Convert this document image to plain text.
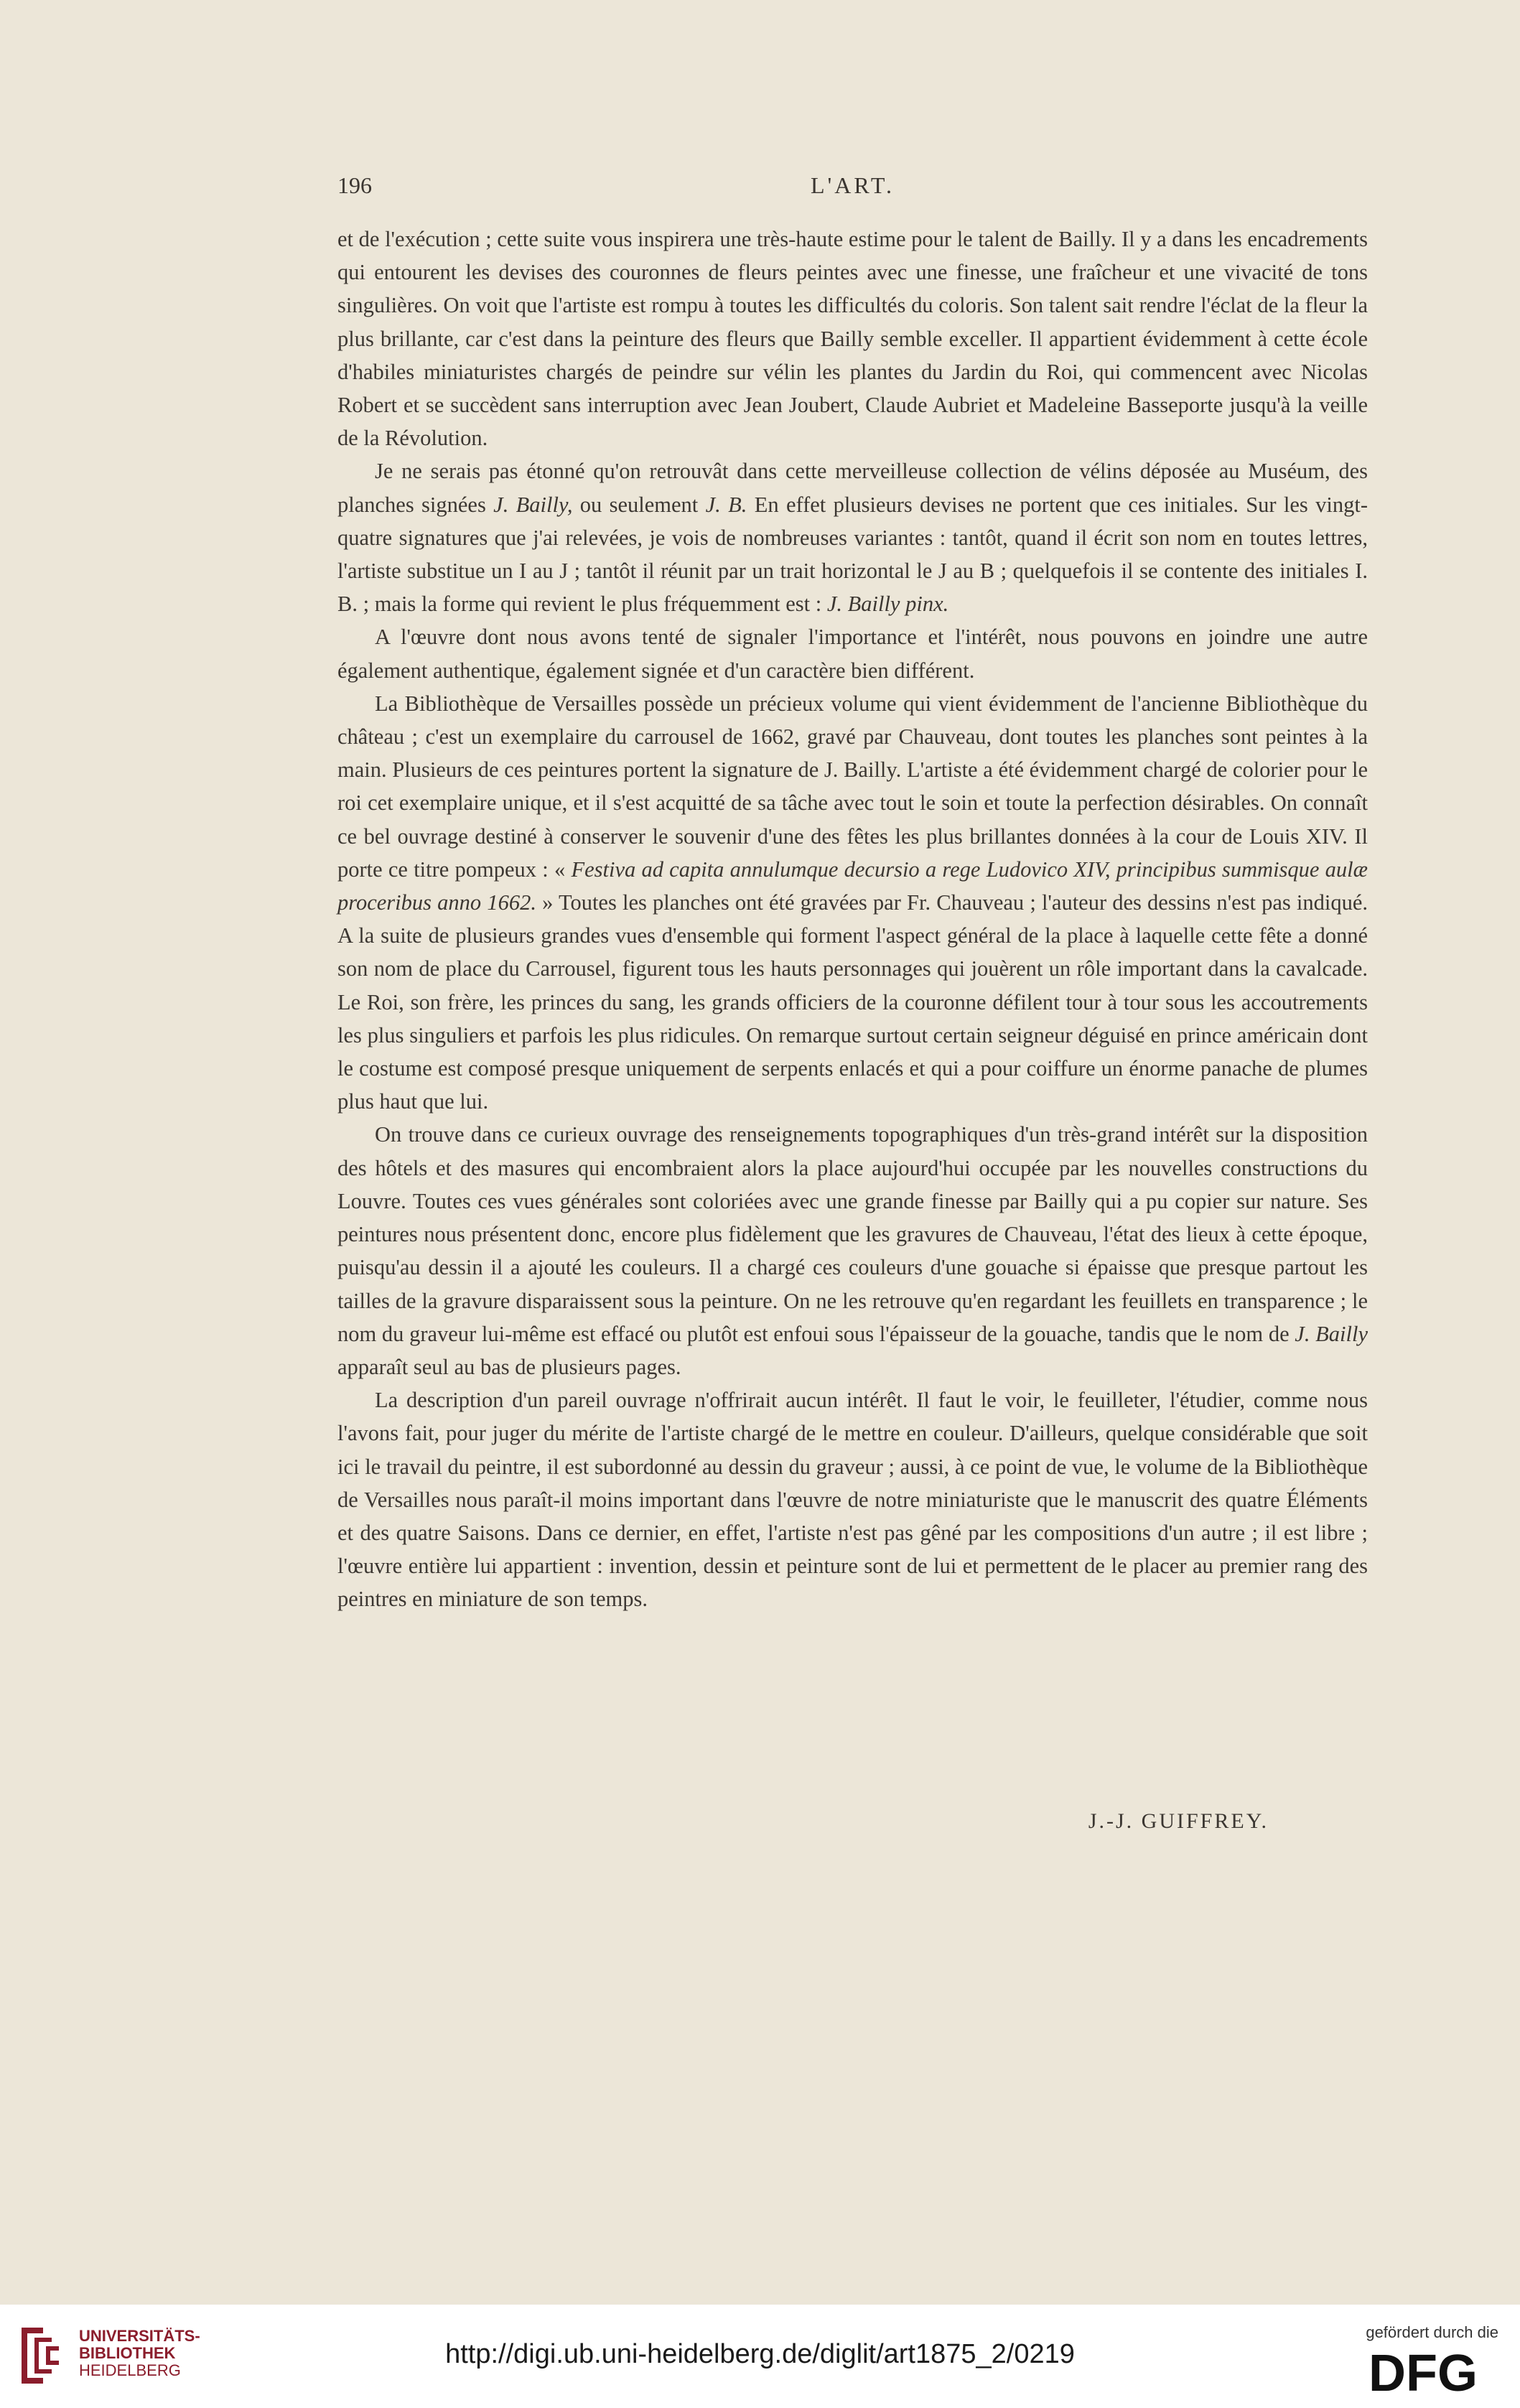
196	L'ART.

et de l'exécution ; cette suite vous inspirera une très-haute estime pour le talent de Bailly. Il y a dans les encadrements qui entourent les devises des couronnes de fleurs peintes avec une finesse, une fraîcheur et une vivacité de tons singulières. On voit que l'artiste est rompu à toutes les difficultés du coloris. Son talent sait rendre l'éclat de la fleur la plus brillante, car c'est dans la peinture des fleurs que Bailly semble exceller. Il appartient évidemment à cette école d'habiles miniaturistes chargés de peindre sur vélin les plantes du Jardin du Roi, qui commencent avec Nicolas Robert et se succèdent sans interruption avec Jean Joubert, Claude Aubriet et Madeleine Basseporte jusqu'à la veille de la Révolution.

Je ne serais pas étonné qu'on retrouvât dans cette merveilleuse collection de vélins déposée au Muséum, des planches signées J. Bailly, ou seulement J. B. En effet plusieurs devises ne portent que ces initiales. Sur les vingt-quatre signatures que j'ai relevées, je vois de nombreuses variantes : tantôt, quand il écrit son nom en toutes lettres, l'artiste substitue un I au J ; tantôt il réunit par un trait horizontal le J au B ; quelquefois il se contente des initiales I. B. ; mais la forme qui revient le plus fréquemment est : J. Bailly pinx.

A l'œuvre dont nous avons tenté de signaler l'importance et l'intérêt, nous pouvons en joindre une autre également authentique, également signée et d'un caractère bien différent.

La Bibliothèque de Versailles possède un précieux volume qui vient évidemment de l'ancienne Bibliothèque du château ; c'est un exemplaire du carrousel de 1662, gravé par Chauveau, dont toutes les planches sont peintes à la main. Plusieurs de ces peintures portent la signature de J. Bailly. L'artiste a été évidemment chargé de colorier pour le roi cet exemplaire unique, et il s'est acquitté de sa tâche avec tout le soin et toute la perfection désirables. On connaît ce bel ouvrage destiné à conserver le souvenir d'une des fêtes les plus brillantes données à la cour de Louis XIV. Il porte ce titre pompeux : « Festiva ad capita annulumque decursio a rege Ludovico XIV, principibus summisque aulæ proceribus anno 1662. » Toutes les planches ont été gravées par Fr. Chauveau ; l'auteur des dessins n'est pas indiqué. A la suite de plusieurs grandes vues d'ensemble qui forment l'aspect général de la place à laquelle cette fête a donné son nom de place du Carrousel, figurent tous les hauts personnages qui jouèrent un rôle important dans la cavalcade. Le Roi, son frère, les princes du sang, les grands officiers de la couronne défilent tour à tour sous les accoutrements les plus singuliers et parfois les plus ridicules. On remarque surtout certain seigneur déguisé en prince américain dont le costume est composé presque uniquement de serpents enlacés et qui a pour coiffure un énorme panache de plumes plus haut que lui.

On trouve dans ce curieux ouvrage des renseignements topographiques d'un très-grand intérêt sur la disposition des hôtels et des masures qui encombraient alors la place aujourd'hui occupée par les nouvelles constructions du Louvre. Toutes ces vues générales sont coloriées avec une grande finesse par Bailly qui a pu copier sur nature. Ses peintures nous présentent donc, encore plus fidèlement que les gravures de Chauveau, l'état des lieux à cette époque, puisqu'au dessin il a ajouté les couleurs. Il a chargé ces couleurs d'une gouache si épaisse que presque partout les tailles de la gravure disparaissent sous la peinture. On ne les retrouve qu'en regardant les feuillets en transparence ; le nom du graveur lui-même est effacé ou plutôt est enfoui sous l'épaisseur de la gouache, tandis que le nom de J. Bailly apparaît seul au bas de plusieurs pages.

La description d'un pareil ouvrage n'offrirait aucun intérêt. Il faut le voir, le feuilleter, l'étudier, comme nous l'avons fait, pour juger du mérite de l'artiste chargé de le mettre en couleur. D'ailleurs, quelque considérable que soit ici le travail du peintre, il est subordonné au dessin du graveur ; aussi, à ce point de vue, le volume de la Bibliothèque de Versailles nous paraît-il moins important dans l'œuvre de notre miniaturiste que le manuscrit des quatre Éléments et des quatre Saisons. Dans ce dernier, en effet, l'artiste n'est pas gêné par les compositions d'un autre ; il est libre ; l'œuvre entière lui appartient : invention, dessin et peinture sont de lui et permettent de le placer au premier rang des peintres en miniature de son temps.

J.-J. GUIFFREY.
UNIVERSITÄTS-
BIBLIOTHEK
HEIDELBERG
http://digi.ub.uni-heidelberg.de/diglit/art1875_2/0219
gefördert durch die
DFG
